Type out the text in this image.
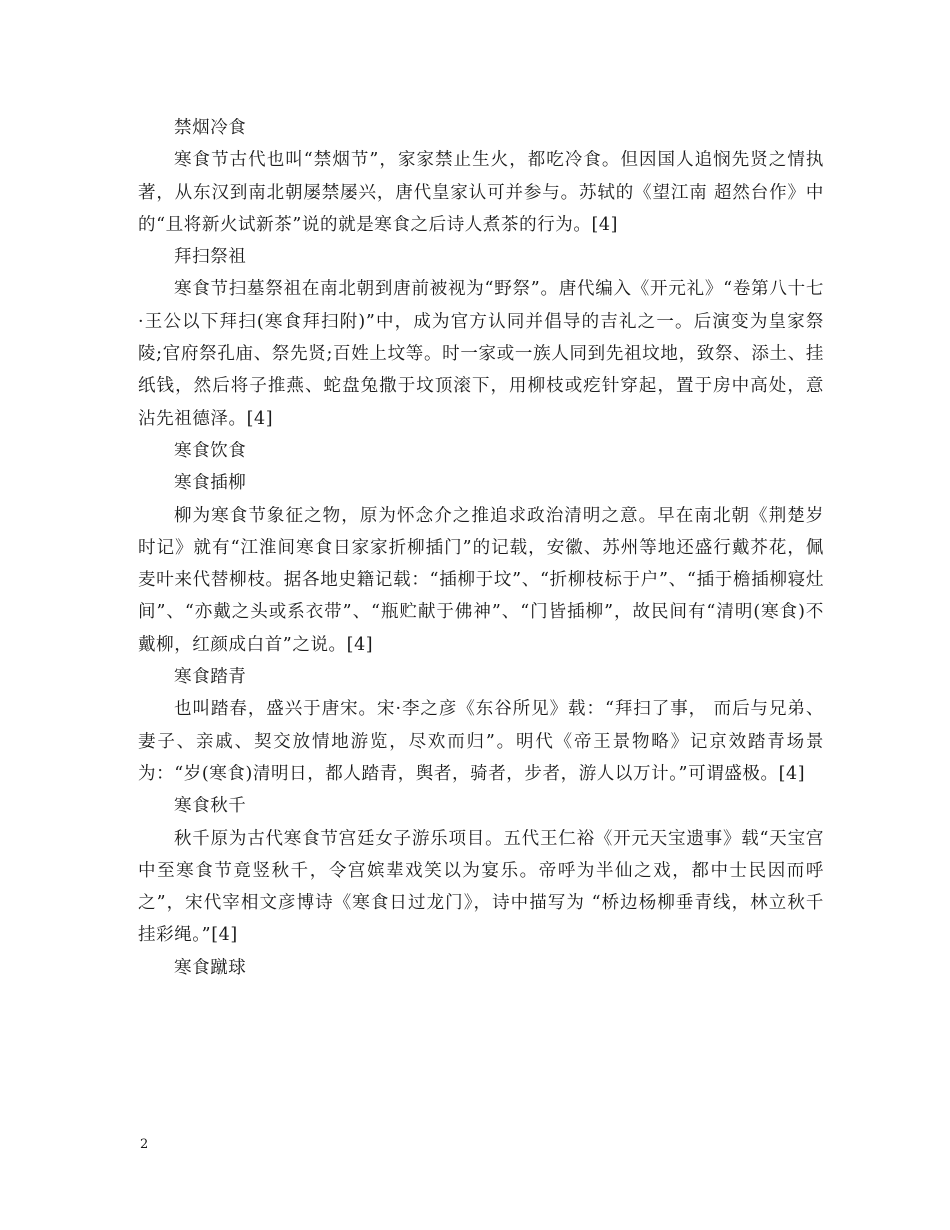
禁烟冷食

寒食节古代也叫“禁烟节”，家家禁止生火，都吃冷食。但因国人追悯先贤之情执著，从东汉到南北朝屡禁屡兴，唐代皇家认可并参与。苏轼的《望江南 超然台作》中的“且将新火试新茶”说的就是寒食之后诗人煮茶的行为。[4]

拜扫祭祖

寒食节扫墓祭祖在南北朝到唐前被视为“野祭”。唐代编入《开元礼》“卷第八十七·王公以下拜扫(寒食拜扫附)”中，成为官方认同并倡导的吉礼之一。后演变为皇家祭陵;官府祭孔庙、祭先贤;百姓上坟等。时一家或一族人同到先祖坟地，致祭、添土、挂纸钱，然后将子推燕、蛇盘兔撒于坟顶滚下，用柳枝或疙针穿起，置于房中高处，意沾先祖德泽。[4]

寒食饮食

寒食插柳

柳为寒食节象征之物，原为怀念介之推追求政治清明之意。早在南北朝《荆楚岁时记》就有“江淮间寒食日家家折柳插门”的记载，安徽、苏州等地还盛行戴芥花，佩麦叶来代替柳枝。据各地史籍记载：“插柳于坟”、“折柳枝标于户”、“插于檐插柳寝灶间”、“亦戴之头或系衣带”、“瓶贮献于佛神”、“门皆插柳”，故民间有“清明(寒食)不戴柳，红颜成白首”之说。[4]

寒食踏青

也叫踏春，盛兴于唐宋。宋·李之彦《东谷所见》载：“拜扫了事， 而后与兄弟、妻子、亲戚、契交放情地游览，尽欢而归”。明代《帝王景物略》记京效踏青场景为：“岁(寒食)清明日，都人踏青，舆者，骑者，步者，游人以万计。”可谓盛极。[4]

寒食秋千

秋千原为古代寒食节宫廷女子游乐项目。五代王仁裕《开元天宝遗事》载“天宝宫中至寒食节竟竖秋千，令宫嫔辈戏笑以为宴乐。帝呼为半仙之戏，都中士民因而呼之”，宋代宰相文彦博诗《寒食日过龙门》，诗中描写为 “桥边杨柳垂青线，林立秋千挂彩绳。”[4]

寒食蹴球

2
